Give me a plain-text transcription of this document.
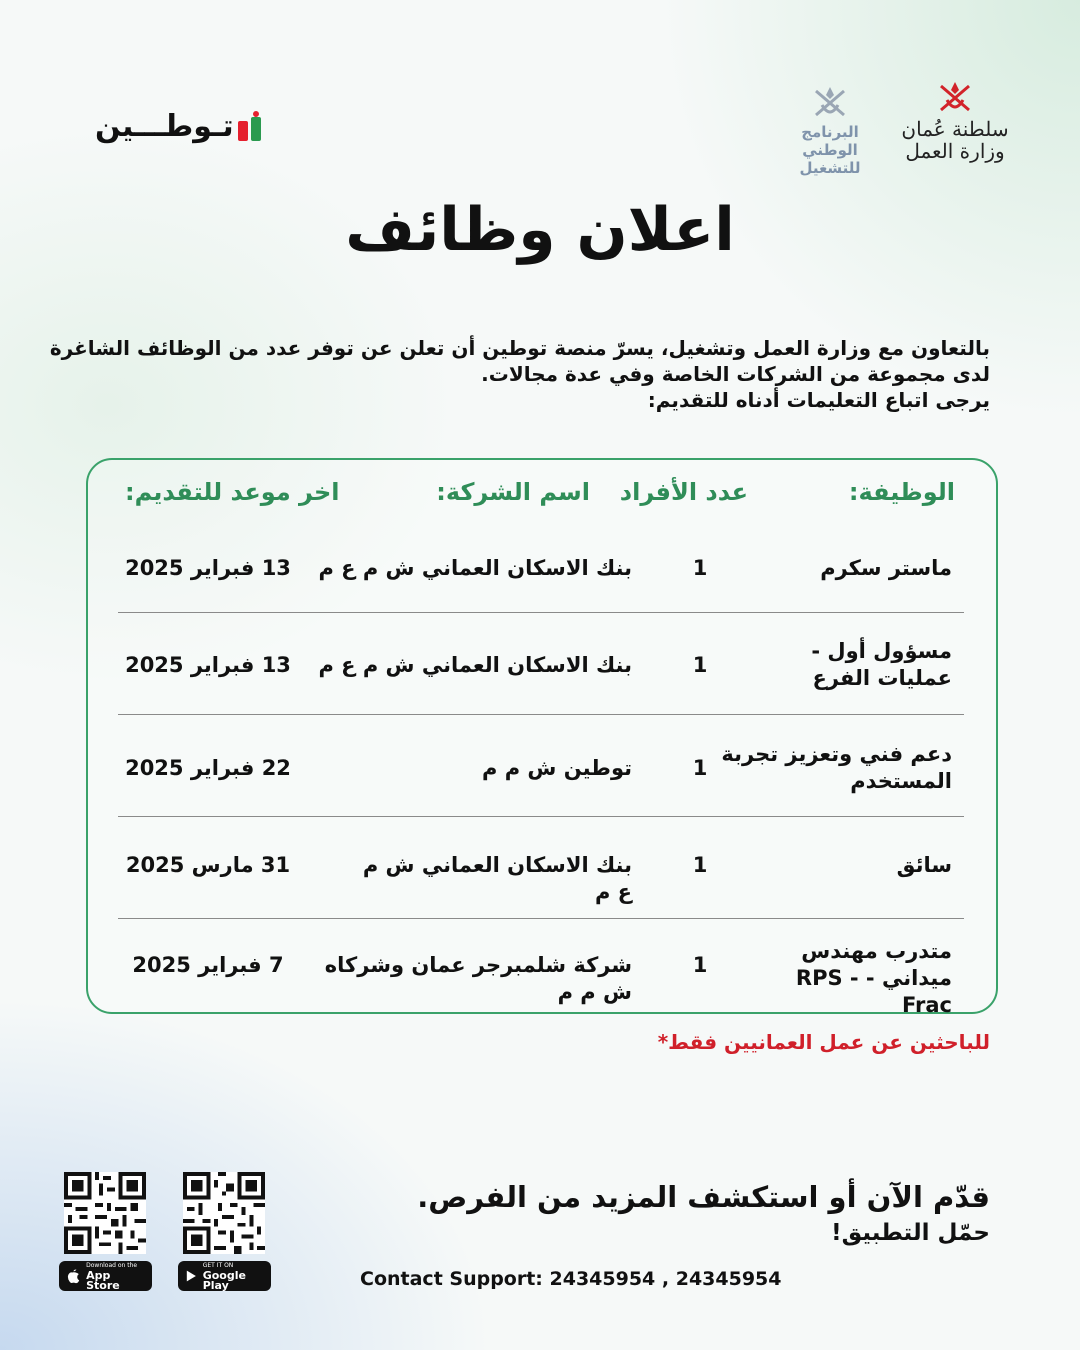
تـوطـــين	سلطنة عُمان
وزارة العمل
البرنامج الوطني
للتشغيل
اعلان وظائف
بالتعاون مع وزارة العمل وتشغيل، يسرّ منصة توطين أن تعلن عن توفر عدد من الوظائف الشاغرة
لدى مجموعة من الشركات الخاصة وفي عدة مجالات.
يرجى اتباع التعليمات أدناه للتقديم:
الوظيفة:
عدد الأفراد
اسم الشركة:
اخر موعد للتقديم:
ماستر سكرم
1
بنك الاسكان العماني ش م ع م
13 فبراير 2025
مسؤول أول - عمليات الفرع
1
بنك الاسكان العماني ش م ع م
13 فبراير 2025
دعم فني وتعزيز تجربة المستخدم
1
توطين ش م م
22 فبراير 2025
سائق
1
بنك الاسكان العماني ش م ع م
31 مارس 2025
متدرب مهندس ميداني - RPS - Frac
1
شركة شلمبرجر عمان وشركاه ش م م
7 فبراير 2025
للباحثين عن عمل العمانيين فقط*
Download on the
App Store
GET IT ON
Google Play
قدّم الآن أو استكشف المزيد من الفرص.
حمّل التطبيق!
Contact Support: 24345954 , 24345954
